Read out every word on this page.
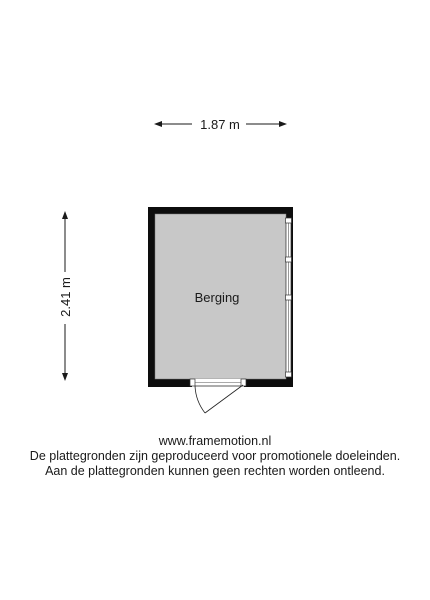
1.87 m
2.41 m	Berging
www.framemotion.nl
De plattegronden zijn geproduceerd voor promotionele doeleinden.
Aan de plattegronden kunnen geen rechten worden ontleend.
